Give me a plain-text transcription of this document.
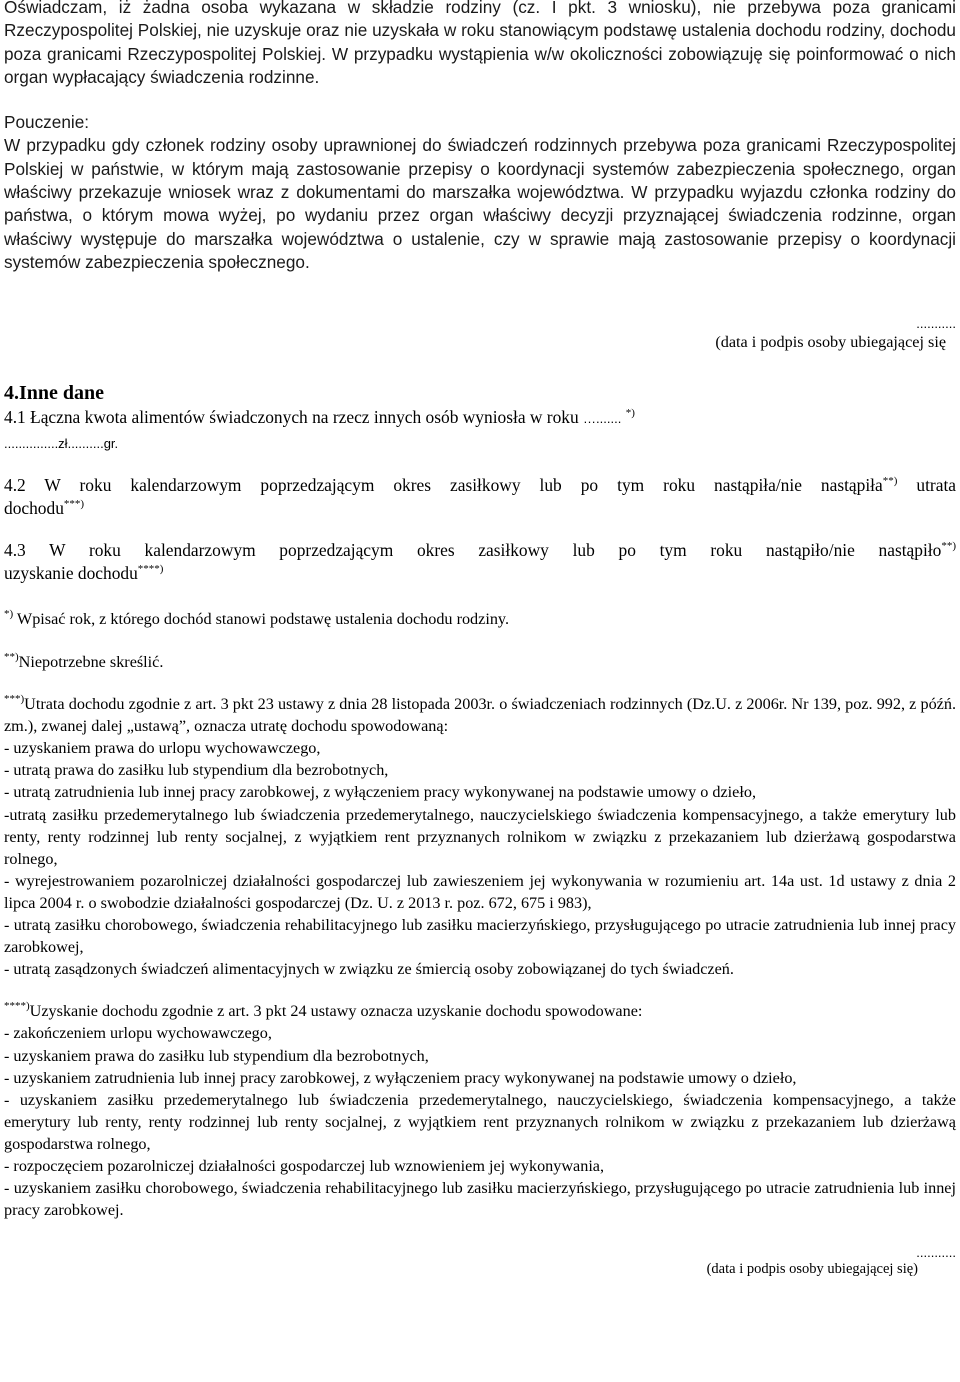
Oświadczam, iż żadna osoba wykazana w składzie rodziny (cz. I pkt. 3 wniosku), nie przebywa poza granicami Rzeczypospolitej Polskiej, nie uzyskuje oraz nie uzyskała w roku stanowiącym podstawę ustalenia dochodu rodziny, dochodu poza granicami Rzeczypospolitej Polskiej. W przypadku wystąpienia w/w okoliczności zobowiązuję się poinformować o nich organ wypłacający świadczenia rodzinne.

Pouczenie:

W przypadku gdy członek rodziny osoby uprawnionej do świadczeń rodzinnych przebywa poza granicami Rzeczypospolitej Polskiej w państwie, w którym mają zastosowanie przepisy o koordynacji systemów zabezpieczenia społecznego, organ właściwy przekazuje wniosek wraz z dokumentami do marszałka województwa. W przypadku wyjazdu członka rodziny do państwa, o którym mowa wyżej, po wydaniu przez organ właściwy decyzji przyznającej świadczenia rodzinne, organ właściwy występuje do marszałka województwa o ustalenie, czy w sprawie mają zastosowanie przepisy o koordynacji systemów zabezpieczenia społecznego.

...........
(data i podpis osoby ubiegającej się
4.Inne dane

4.1 Łączna kwota alimentów świadczonych na rzecz innych osób wyniosła w roku …....... *)

...............zł..........gr.

4.2 W roku kalendarzowym poprzedzającym okres zasiłkowy lub po tym roku nastąpiła/nie nastąpiła**) utrata

dochodu***)

4.3 W roku kalendarzowym poprzedzającym okres zasiłkowy lub po tym roku nastąpiło/nie nastąpiło**)

uzyskanie dochodu****)

*) Wpisać rok, z którego dochód stanowi podstawę ustalenia dochodu rodziny.

**)Niepotrzebne skreślić.

***)Utrata dochodu zgodnie z art. 3 pkt 23 ustawy z dnia 28 listopada 2003r. o świadczeniach rodzinnych (Dz.U. z 2006r. Nr 139, poz. 992, z późń. zm.), zwanej dalej „ustawą”, oznacza utratę dochodu spowodowaną:

- uzyskaniem prawa do urlopu wychowawczego,

- utratą prawa do zasiłku lub stypendium dla bezrobotnych,

- utratą zatrudnienia lub innej pracy zarobkowej, z wyłączeniem pracy wykonywanej na podstawie umowy o dzieło,

-utratą zasiłku przedemerytalnego lub świadczenia przedemerytalnego, nauczycielskiego świadczenia kompensacyjnego, a także emerytury lub renty, renty rodzinnej lub renty socjalnej, z wyjątkiem rent przyznanych rolnikom w związku z przekazaniem lub dzierżawą gospodarstwa rolnego,

- wyrejestrowaniem pozarolniczej działalności gospodarczej lub zawieszeniem jej wykonywania w rozumieniu art. 14a ust. 1d ustawy z dnia 2 lipca 2004 r. o swobodzie działalności gospodarczej (Dz. U. z 2013 r. poz. 672, 675 i 983),

- utratą zasiłku chorobowego, świadczenia rehabilitacyjnego lub zasiłku macierzyńskiego, przysługującego po utracie zatrudnienia lub innej pracy zarobkowej,

- utratą zasądzonych świadczeń alimentacyjnych w związku ze śmiercią osoby zobowiązanej do tych świadczeń.

****)Uzyskanie dochodu zgodnie z art. 3 pkt 24 ustawy oznacza uzyskanie dochodu spowodowane:

- zakończeniem urlopu wychowawczego,

- uzyskaniem prawa do zasiłku lub stypendium dla bezrobotnych,

- uzyskaniem zatrudnienia lub innej pracy zarobkowej, z wyłączeniem pracy wykonywanej na podstawie umowy o dzieło,

- uzyskaniem zasiłku przedemerytalnego lub świadczenia przedemerytalnego, nauczycielskiego, świadczenia kompensacyjnego, a także emerytury lub renty, renty rodzinnej lub renty socjalnej, z wyjątkiem rent przyznanych rolnikom w związku z przekazaniem lub dzierżawą gospodarstwa rolnego,

- rozpoczęciem pozarolniczej działalności gospodarczej lub wznowieniem jej wykonywania,

- uzyskaniem zasiłku chorobowego, świadczenia rehabilitacyjnego lub zasiłku macierzyńskiego, przysługującego po utracie zatrudnienia lub innej pracy zarobkowej.

...........
(data i podpis osoby ubiegającej się)
